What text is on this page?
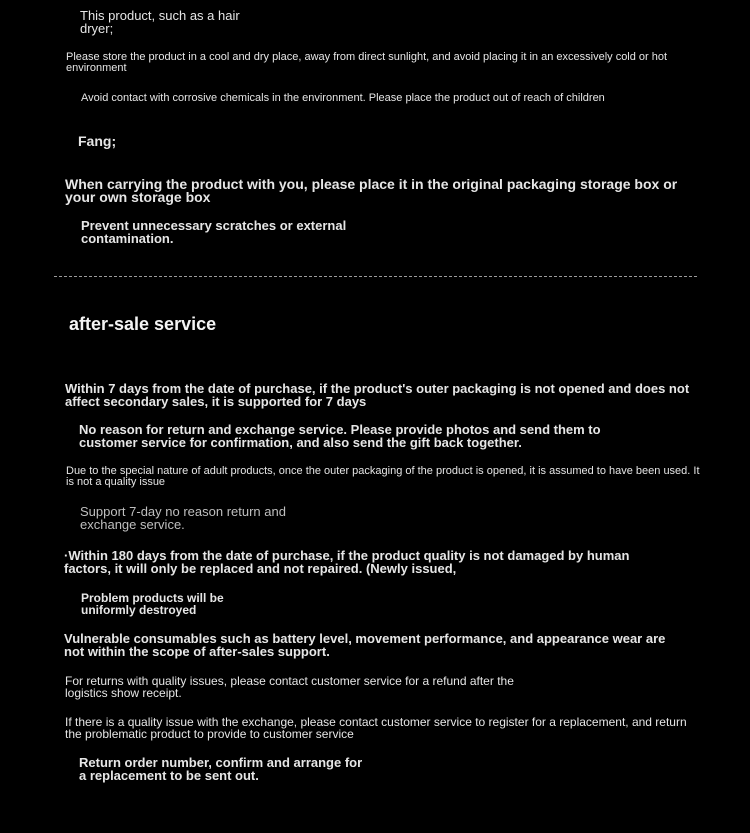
This product, such as a hair dryer;

Please store the product in a cool and dry place, away from direct sunlight, and avoid placing it in an excessively cold or hot environment

Avoid contact with corrosive chemicals in the environment. Please place the product out of reach of children

Fang;

When carrying the product with you, please place it in the original packaging storage box or your own storage box

Prevent unnecessary scratches or external contamination.

after-sale service

Within 7 days from the date of purchase, if the product's outer packaging is not opened and does not affect secondary sales, it is supported for 7 days

No reason for return and exchange service. Please provide photos and send them to customer service for confirmation, and also send the gift back together.

Due to the special nature of adult products, once the outer packaging of the product is opened, it is assumed to have been used. It is not a quality issue

Support 7-day no reason return and exchange service.

·Within 180 days from the date of purchase, if the product quality is not damaged by human factors, it will only be replaced and not repaired. (Newly issued,

Problem products will be uniformly destroyed

Vulnerable consumables such as battery level, movement performance, and appearance wear are not within the scope of after-sales support.

For returns with quality issues, please contact customer service for a refund after the logistics show receipt.

If there is a quality issue with the exchange, please contact customer service to register for a replacement, and return the problematic product to provide to customer service

Return order number, confirm and arrange for a replacement to be sent out.
